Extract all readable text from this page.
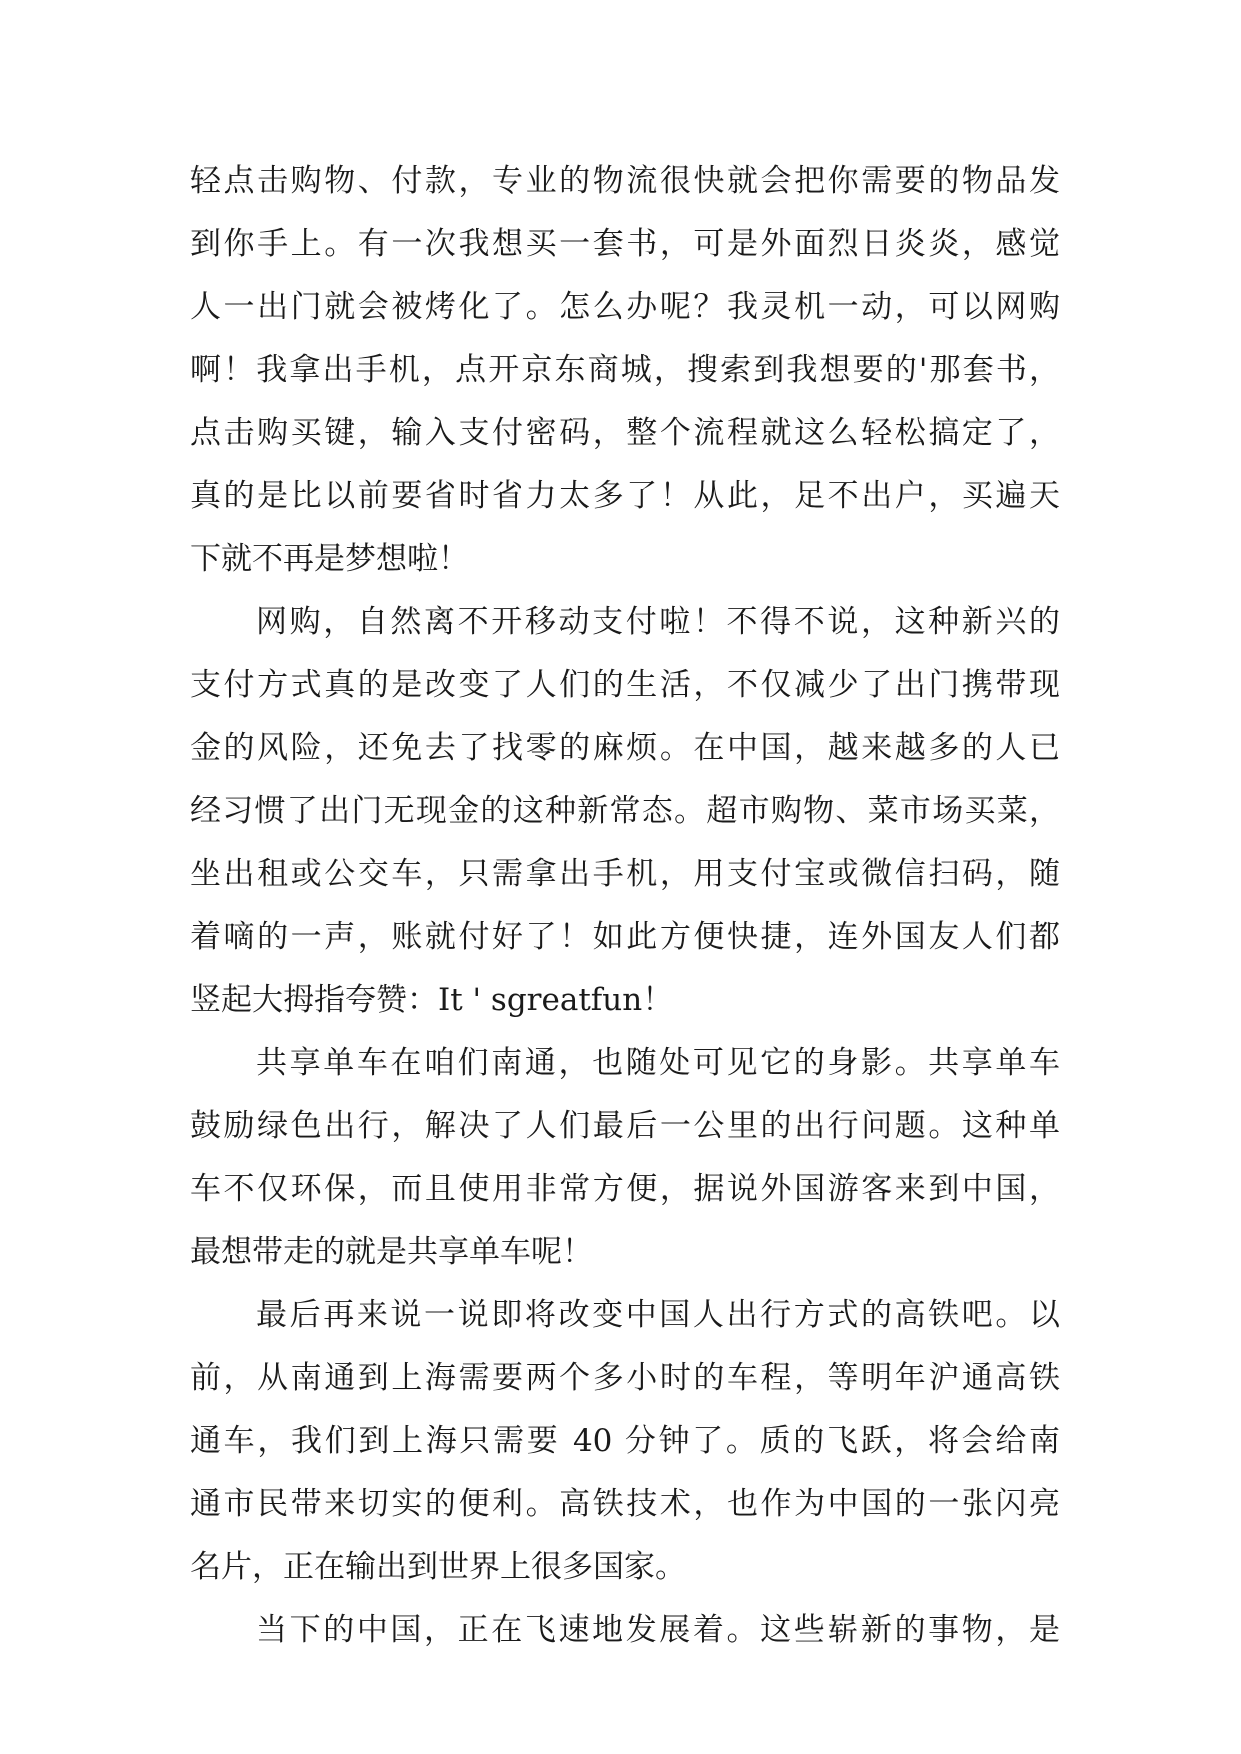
轻点击购物、付款，专业的物流很快就会把你需要的物品发
到你手上。有一次我想买一套书，可是外面烈日炎炎，感觉
人一出门就会被烤化了。怎么办呢？我灵机一动，可以网购
啊！我拿出手机，点开京东商城，搜索到我想要的'那套书，
点击购买键，输入支付密码，整个流程就这么轻松搞定了，
真的是比以前要省时省力太多了！从此，足不出户，买遍天
下就不再是梦想啦！
网购，自然离不开移动支付啦！不得不说，这种新兴的
支付方式真的是改变了人们的生活，不仅减少了出门携带现
金的风险，还免去了找零的麻烦。在中国，越来越多的人已
经习惯了出门无现金的这种新常态。超市购物、菜市场买菜，
坐出租或公交车，只需拿出手机，用支付宝或微信扫码，随
着嘀的一声，账就付好了！如此方便快捷，连外国友人们都
竖起大拇指夸赞：It ' sgreatfun！
共享单车在咱们南通，也随处可见它的身影。共享单车
鼓励绿色出行，解决了人们最后一公里的出行问题。这种单
车不仅环保，而且使用非常方便，据说外国游客来到中国，
最想带走的就是共享单车呢！
最后再来说一说即将改变中国人出行方式的高铁吧。以
前，从南通到上海需要两个多小时的车程，等明年沪通高铁
通车，我们到上海只需要 40 分钟了。质的飞跃，将会给南
通市民带来切实的便利。高铁技术，也作为中国的一张闪亮
名片，正在输出到世界上很多国家。
当下的中国，正在飞速地发展着。这些崭新的事物，是
